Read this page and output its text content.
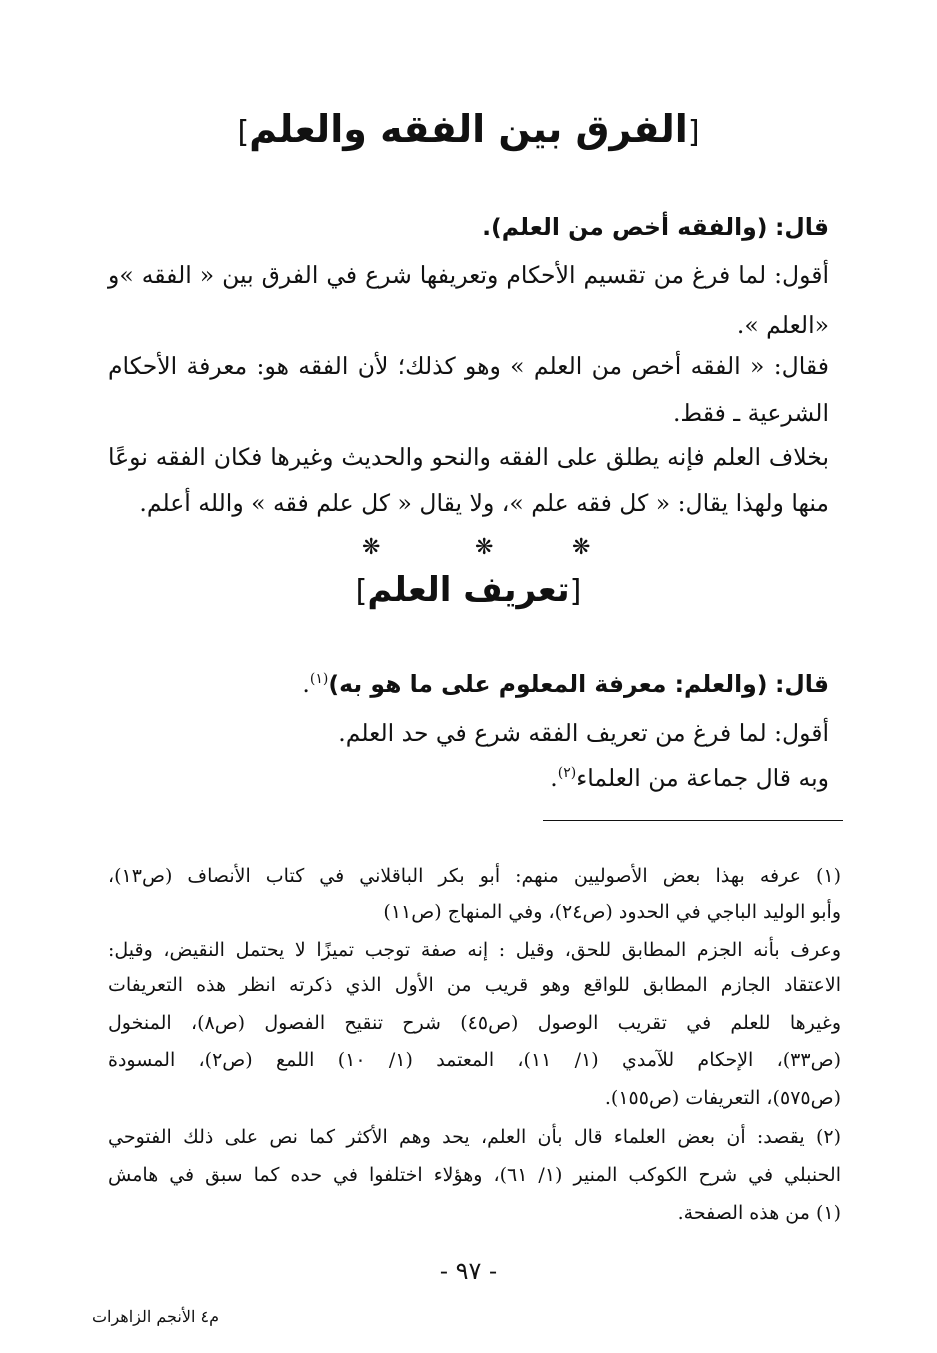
[الفرق بين الفقه والعلم]

قال: (والفقه أخص من العلم).

أقول: لما فرغ من تقسيم الأحكام وتعريفها شرع في الفرق بين « الفقه »و

«العلم ».

فقال: « الفقه أخص من العلم » وهو كذلك؛ لأن الفقه هو: معرفة الأحكام

الشرعية ـ فقط.

بخلاف العلم فإنه يطلق على الفقه والنحو والحديث وغيرها فكان الفقه نوعًا

منها ولهذا يقال: « كل فقه علم »، ولا يقال « كل علم فقه » والله أعلم.

❋	❋	❋
[تعريف العلم]

قال: (والعلم: معرفة المعلوم على ما هو به)$^{(١)}$.

أقول: لما فرغ من تعريف الفقه شرع في حد العلم.

وبه قال جماعة من العلماء$^{(٢)}$.

(١) عرفه بهذا بعض الأصوليين منهم: أبو بكر الباقلاني في كتاب الأنصاف (ص١٣)،

وأبو الوليد الباجي في الحدود (ص٢٤)، وفي المنهاج (ص١١)

وعرف بأنه الجزم المطابق للحق، وقيل : إنه صفة توجب تميزًا لا يحتمل النقيض، وقيل:

الاعتقاد الجازم المطابق للواقع وهو قريب من الأول الذي ذكرته انظر هذه التعريفات

وغيرها للعلم في تقريب الوصول (ص٤٥) شرح تنقيح الفصول (ص٨)، المنخول

(ص٣٣)، الإحكام للآمدي (١/ ١١)، المعتمد (١/ ١٠) اللمع (ص٢)، المسودة

(ص٥٧٥)، التعريفات (ص١٥٥).

(٢) يقصد: أن بعض العلماء قال بأن العلم، يحد وهم الأكثر كما نص على ذلك الفتوحي

الحنبلي في شرح الكوكب المنير (١/ ٦١)، وهؤلاء اختلفوا في حده كما سبق في هامش

(١) من هذه الصفحة.

- ٩٧ -
م٤ الأنجم الزاهرات
